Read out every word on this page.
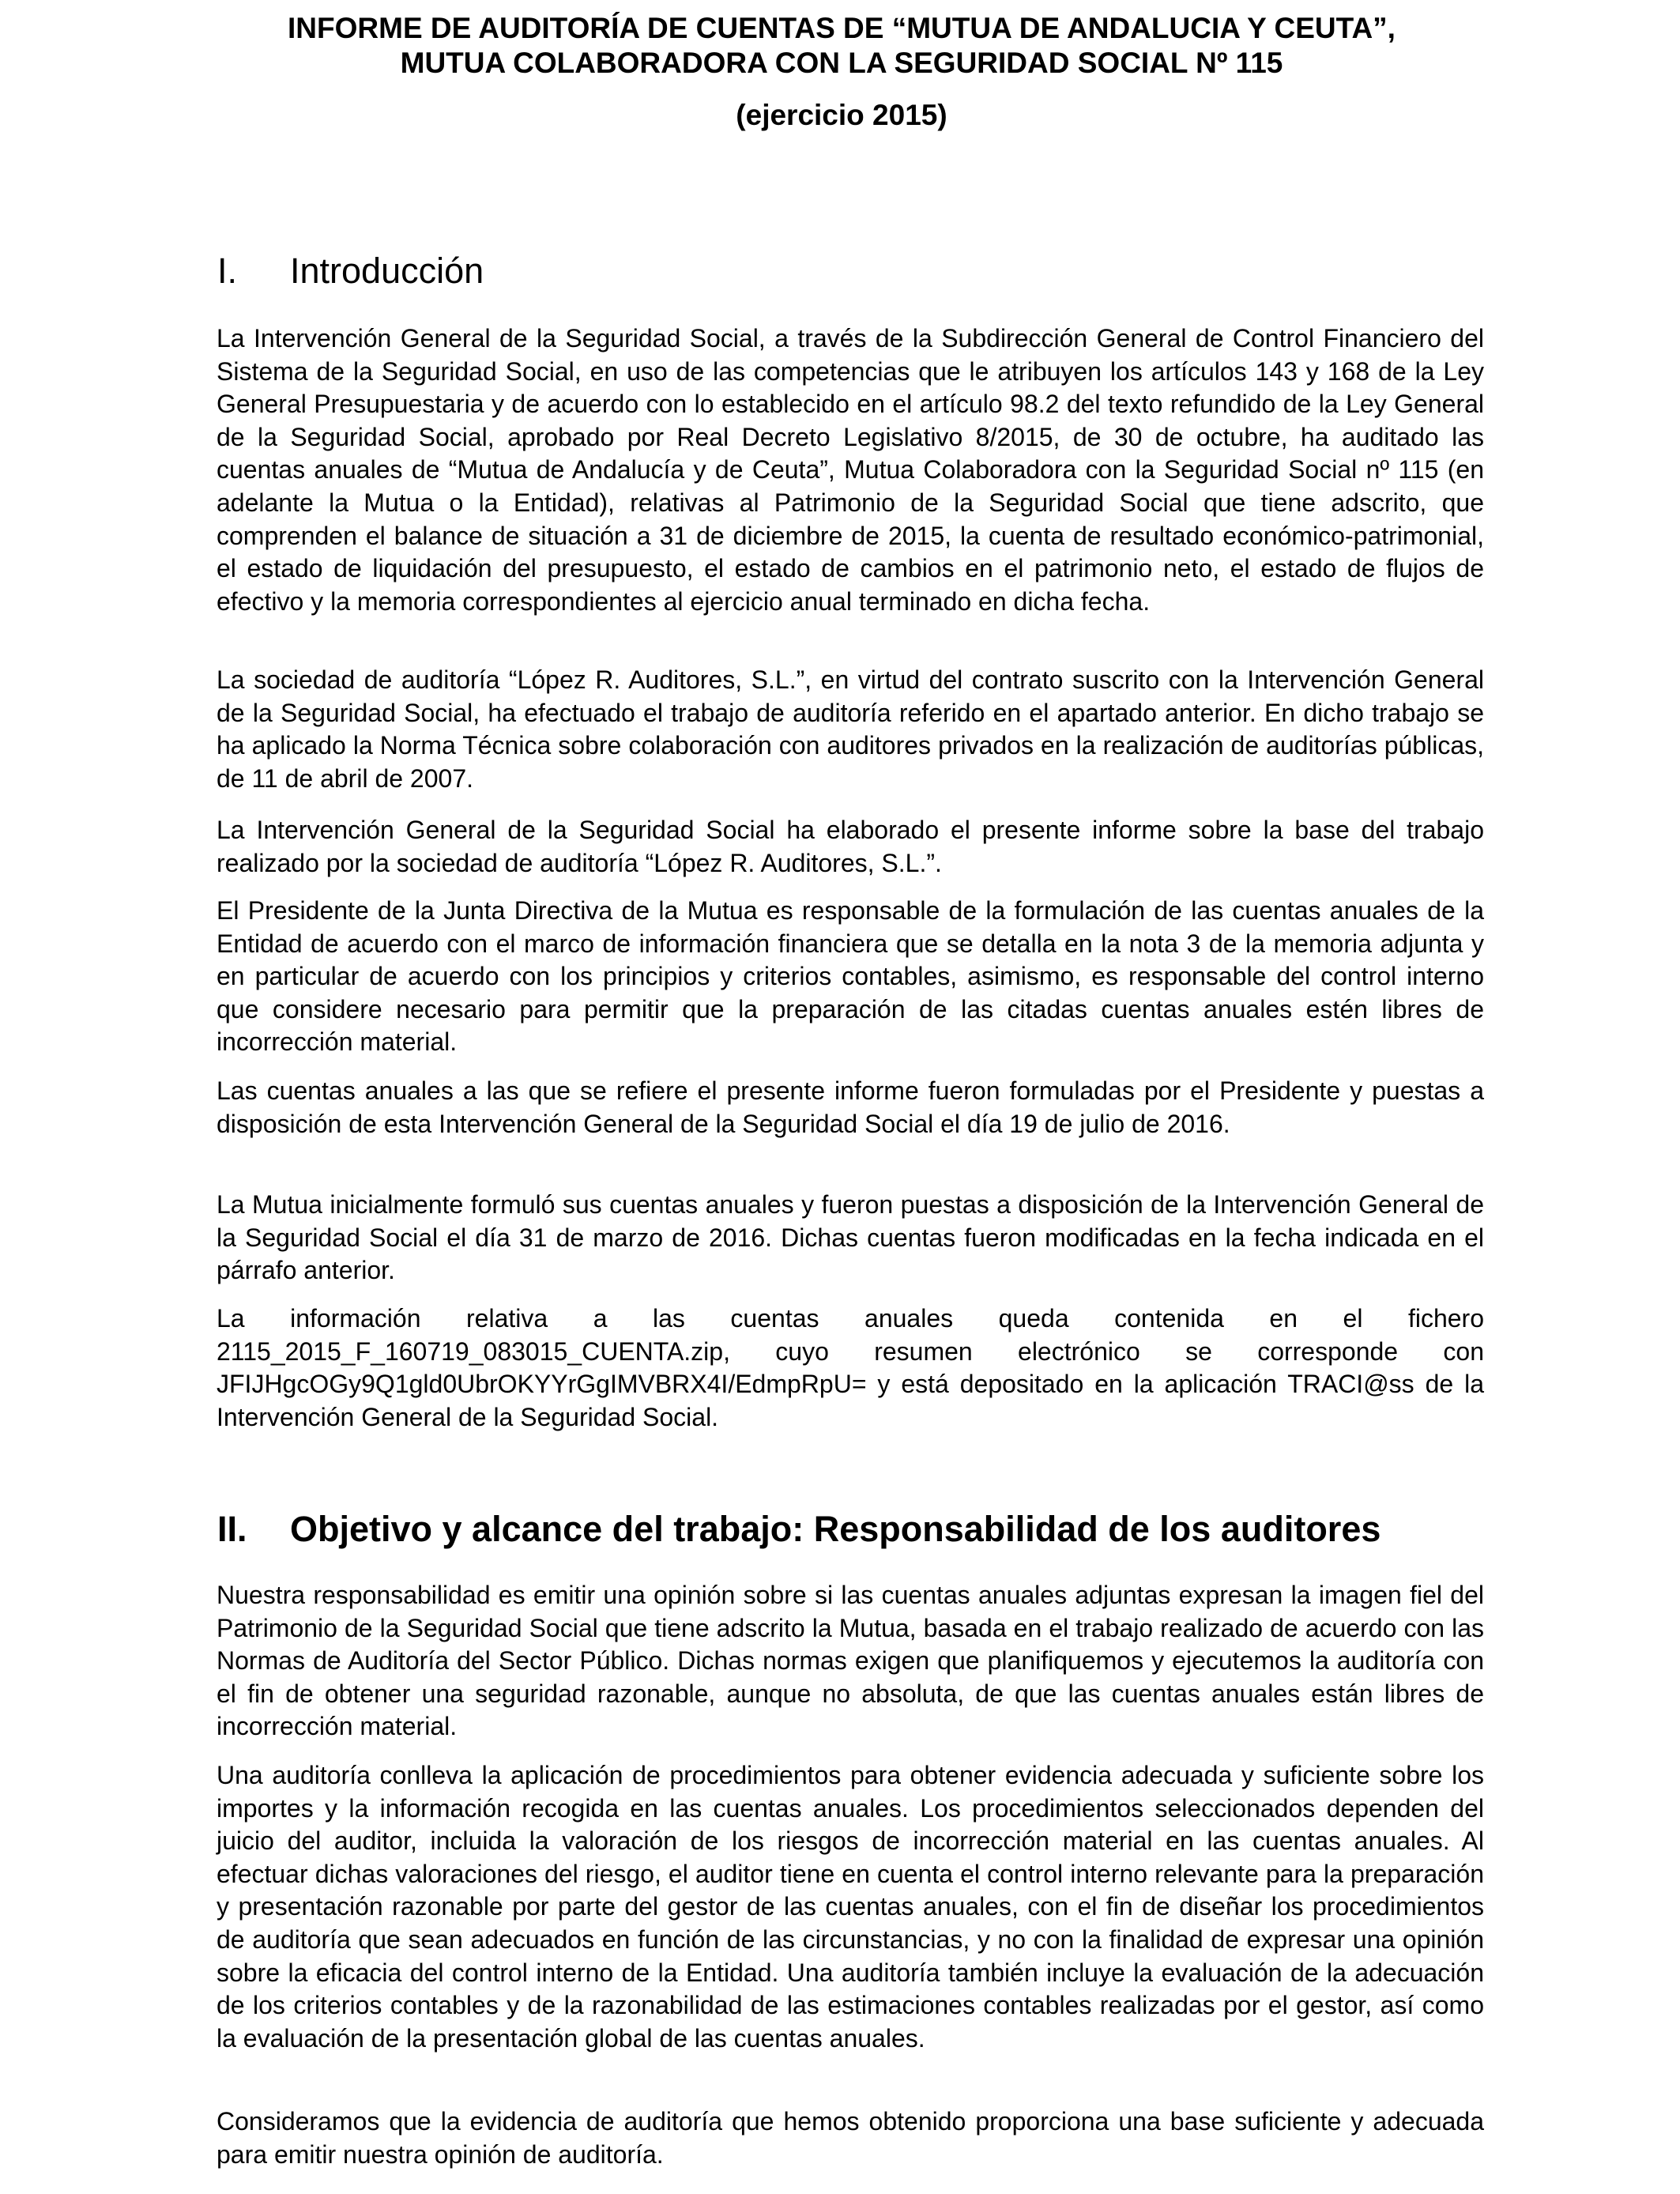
INFORME DE AUDITORÍA DE CUENTAS DE “MUTUA DE ANDALUCIA Y CEUTA”,
MUTUA COLABORADORA CON LA SEGURIDAD SOCIAL Nº 115
(ejercicio 2015)
I. Introducción

La Intervención General de la Seguridad Social, a través de la Subdirección General de Control Financiero del Sistema de la Seguridad Social, en uso de las competencias que le atribuyen los artículos 143 y 168 de la Ley General Presupuestaria y de acuerdo con lo establecido en el artículo 98.2 del texto refundido de la Ley General de la Seguridad Social, aprobado por Real Decreto Legislativo 8/2015, de 30 de octubre, ha auditado las cuentas anuales de “Mutua de Andalucía y de Ceuta”, Mutua Colaboradora con la Seguridad Social nº 115 (en adelante la Mutua o la Entidad), relativas al Patrimonio de la Seguridad Social que tiene adscrito, que comprenden el balance de situación a 31 de diciembre de 2015, la cuenta de resultado económico-patrimonial, el estado de liquidación del presupuesto, el estado de cambios en el patrimonio neto, el estado de flujos de efectivo y la memoria correspondientes al ejercicio anual terminado en dicha fecha.

La sociedad de auditoría “López R. Auditores, S.L.”, en virtud del contrato suscrito con la Intervención General de la Seguridad Social, ha efectuado el trabajo de auditoría referido en el apartado anterior. En dicho trabajo se ha aplicado la Norma Técnica sobre colaboración con auditores privados en la realización de auditorías públicas, de 11 de abril de 2007.

La Intervención General de la Seguridad Social ha elaborado el presente informe sobre la base del trabajo realizado por la sociedad de auditoría “López R. Auditores, S.L.”.

El Presidente de la Junta Directiva de la Mutua es responsable de la formulación de las cuentas anuales de la Entidad de acuerdo con el marco de información financiera que se detalla en la nota 3 de la memoria adjunta y en particular de acuerdo con los principios y criterios contables, asimismo, es responsable del control interno que considere necesario para permitir que la preparación de las citadas cuentas anuales estén libres de incorrección material.

Las cuentas anuales a las que se refiere el presente informe fueron formuladas por el Presidente y puestas a disposición de esta Intervención General de la Seguridad Social el día 19 de julio de 2016.

La Mutua inicialmente formuló sus cuentas anuales y fueron puestas a disposición de la Intervención General de la Seguridad Social el día 31 de marzo de 2016. Dichas cuentas fueron modificadas en la fecha indicada en el párrafo anterior.

La información relativa a las cuentas anuales queda contenida en el fichero 2115_2015_F_160719_083015_CUENTA.zip, cuyo resumen electrónico se corresponde con JFIJHgcOGy9Q1gld0UbrOKYYrGgIMVBRX4I/EdmpRpU= y está depositado en la aplicación TRACI@ss de la Intervención General de la Seguridad Social.

II. Objetivo y alcance del trabajo: Responsabilidad de los auditores

Nuestra responsabilidad es emitir una opinión sobre si las cuentas anuales adjuntas expresan la imagen fiel del Patrimonio de la Seguridad Social que tiene adscrito la Mutua, basada en el trabajo realizado de acuerdo con las Normas de Auditoría del Sector Público. Dichas normas exigen que planifiquemos y ejecutemos la auditoría con el fin de obtener una seguridad razonable, aunque no absoluta, de que las cuentas anuales están libres de incorrección material.

Una auditoría conlleva la aplicación de procedimientos para obtener evidencia adecuada y suficiente sobre los importes y la información recogida en las cuentas anuales. Los procedimientos seleccionados dependen del juicio del auditor, incluida la valoración de los riesgos de incorrección material en las cuentas anuales. Al efectuar dichas valoraciones del riesgo, el auditor tiene en cuenta el control interno relevante para la preparación y presentación razonable por parte del gestor de las cuentas anuales, con el fin de diseñar los procedimientos de auditoría que sean adecuados en función de las circunstancias, y no con la finalidad de expresar una opinión sobre la eficacia del control interno de la Entidad. Una auditoría también incluye la evaluación de la adecuación de los criterios contables y de la razonabilidad de las estimaciones contables realizadas por el gestor, así como la evaluación de la presentación global de las cuentas anuales.

Consideramos que la evidencia de auditoría que hemos obtenido proporciona una base suficiente y adecuada para emitir nuestra opinión de auditoría.
